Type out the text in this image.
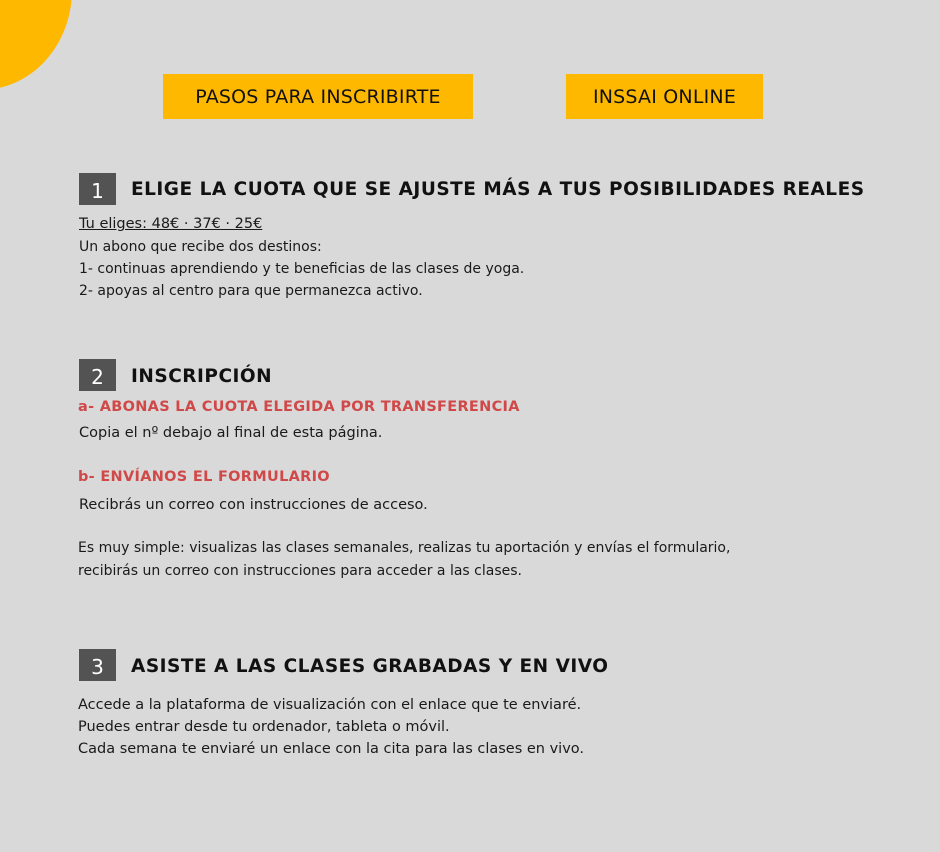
PASOS PARA INSCRIBIRTE	INSSAI ONLINE
1	ELIGE LA CUOTA QUE SE AJUSTE MÁS A TUS POSIBILIDADES REALES
Tu eliges: 48€ · 37€ · 25€
Un abono que recibe dos destinos:
1- continuas aprendiendo y te beneficias de las clases de yoga.
2- apoyas al centro para que permanezca activo.
2	INSCRIPCIÓN
a- ABONAS LA CUOTA ELEGIDA POR TRANSFERENCIA
Copia el nº debajo al final de esta página.
b- ENVÍANOS EL FORMULARIO
Recibrás un correo con instrucciones de acceso.
Es muy simple: visualizas las clases semanales, realizas tu aportación y envías el formulario,
recibirás un correo con instrucciones para acceder a las clases.
3	ASISTE A LAS CLASES GRABADAS Y EN VIVO
Accede a la plataforma de visualización con el enlace que te enviaré.
Puedes entrar desde tu ordenador, tableta o móvil.
Cada semana te enviaré un enlace con la cita para las clases en vivo.
